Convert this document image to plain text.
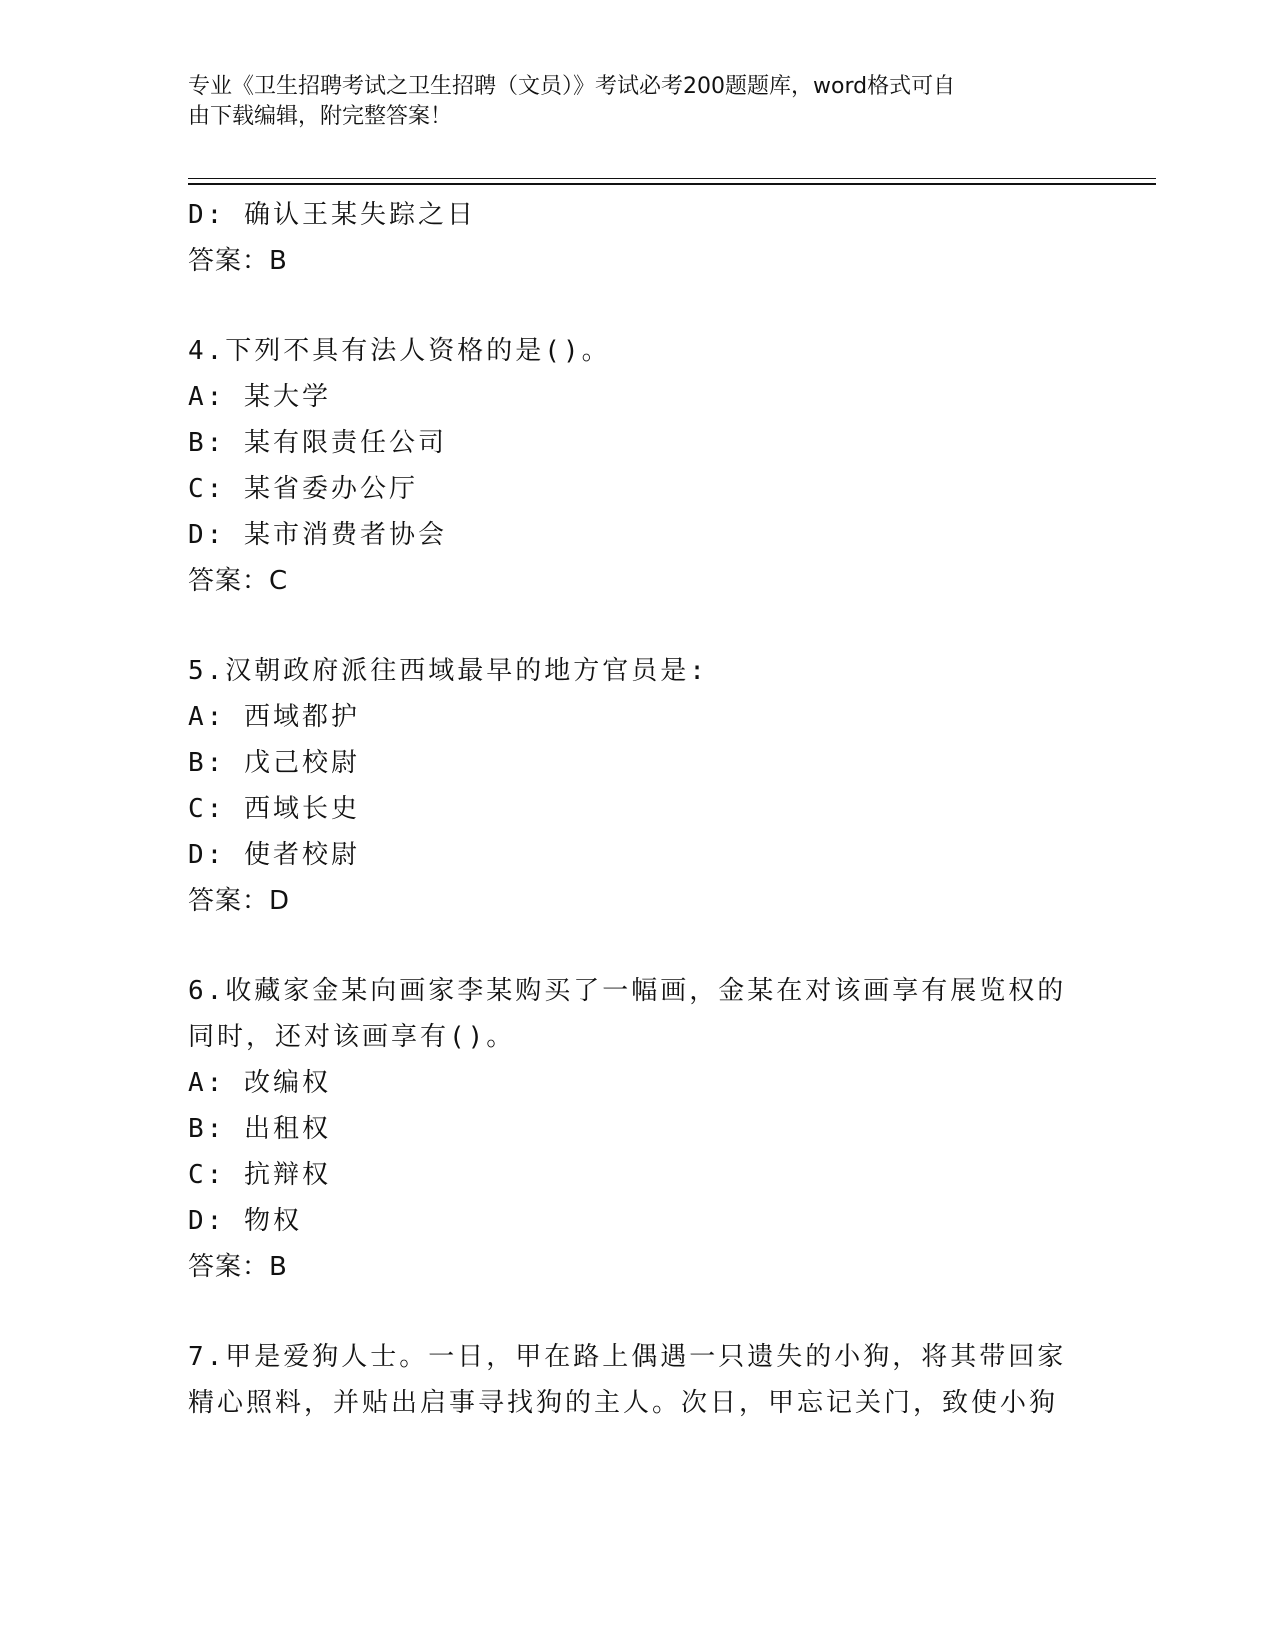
专业《卫生招聘考试之卫生招聘（文员）》考试必考200题题库，word格式可自
由下载编辑，附完整答案！
D: 确认王某失踪之日
答案：B
4.下列不具有法人资格的是()。
A: 某大学
B: 某有限责任公司
C: 某省委办公厅
D: 某市消费者协会
答案：C
5.汉朝政府派往西域最早的地方官员是:
A: 西域都护
B: 戊己校尉
C: 西域长史
D: 使者校尉
答案：D
6.收藏家金某向画家李某购买了一幅画，金某在对该画享有展览权的
同时，还对该画享有()。
A: 改编权
B: 出租权
C: 抗辩权
D: 物权
答案：B
7.甲是爱狗人士。一日，甲在路上偶遇一只遗失的小狗，将其带回家
精心照料，并贴出启事寻找狗的主人。次日，甲忘记关门，致使小狗
